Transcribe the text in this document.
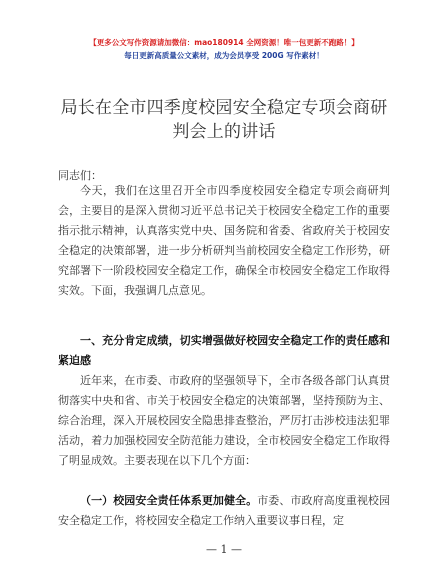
【更多公文写作资源请加微信：mao180914 全网资源！唯一包更新不跑路！】
每日更新高质量公文素材，成为会员享受 200G 写作素材！
局长在全市四季度校园安全稳定专项会商研判会上的讲话
同志们：
今天，我们在这里召开全市四季度校园安全稳定专项会商研判会，主要目的是深入贯彻习近平总书记关于校园安全稳定工作的重要指示批示精神，认真落实党中央、国务院和省委、省政府关于校园安全稳定的决策部署，进一步分析研判当前校园安全稳定工作形势，研究部署下一阶段校园安全稳定工作，确保全市校园安全稳定工作取得实效。下面，我强调几点意见。
一、充分肯定成绩，切实增强做好校园安全稳定工作的责任感和紧迫感
近年来，在市委、市政府的坚强领导下，全市各级各部门认真贯彻落实中央和省、市关于校园安全稳定的决策部署，坚持预防为主、综合治理，深入开展校园安全隐患排查整治，严厉打击涉校违法犯罪活动，着力加强校园安全防范能力建设，全市校园安全稳定工作取得了明显成效。主要表现在以下几个方面：
（一）校园安全责任体系更加健全。市委、市政府高度重视校园安全稳定工作，将校园安全稳定工作纳入重要议事日程，定
— 1 —
